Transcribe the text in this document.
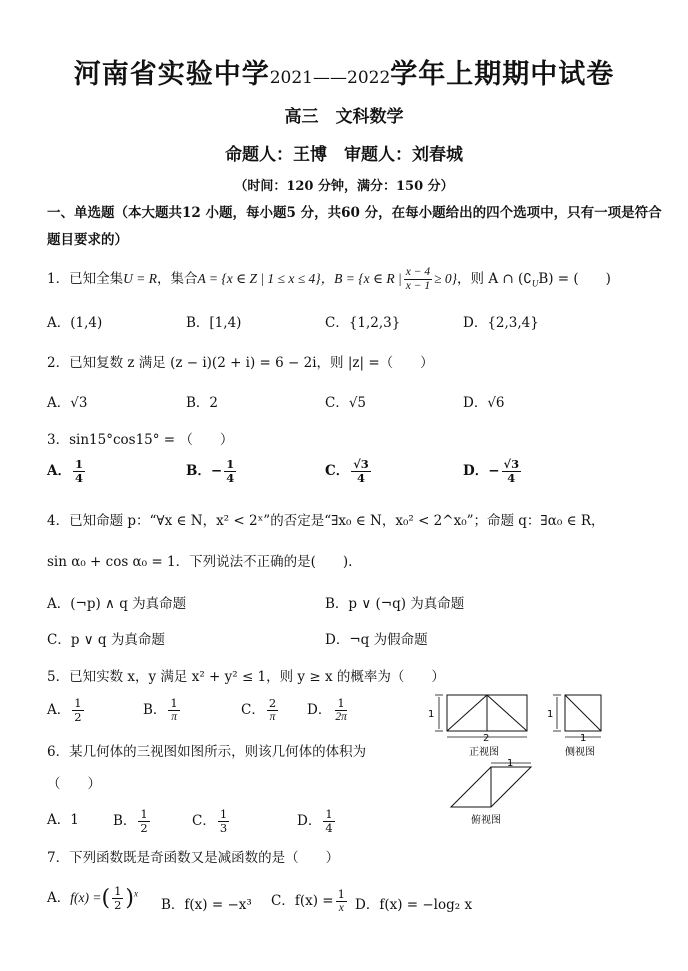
河南省实验中学2021——2022学年上期期中试卷
高三　文科数学
命题人：王博　审题人：刘春城
（时间：120 分钟，满分：150 分）
一、单选题（本大题共12 小题，每小题5 分，共60 分，在每小题给出的四个选项中，只有一项是符合题目要求的）
1．已知全集U = R，集合A = {x ∈ Z | 1 ≤ x ≤ 4}，B = {x ∈ R | $\frac{x - 4}{x - 1} \ge 0$}，则 A ∩ $(∁_UB)$ = (　　)
A．(1,4)	B．[1,4)	C．{1,2,3}	D．{2,3,4}
2．已知复数 z 满足 (z − i)(2 + i) = 6 − 2i，则 |z| =（　　）
A．√3	B．2	C．√5	D．√6
3．sin15°cos15° = （　　）
A． $\frac{1}{4}$	B．− $\frac{1}{4}$	C． $\frac{√3}{4}$	D．− $\frac{√3}{4}$
4．已知命题 p：“∀x ∈ N，x² < 2ˣ”的否定是“∃x₀ ∈ N，x₀² < 2^x₀”；命题 q：∃α₀ ∈ R，
sin α₀ + cos α₀ = 1．下列说法不正确的是(　　).
A．(¬p) ∧ q 为真命题	B．p ∨ (¬q) 为真命题
C．p ∨ q 为真命题	D．¬q 为假命题
5．已知实数 x，y 满足 x² + y² ≤ 1，则 y ≥ x 的概率为（　　）
A． $\frac{1}{2}$	B． $\frac{1}{\pi}$	C． $\frac{2}{\pi}$ D． $\frac{1}{2\pi}$
6．某几何体的三视图如图所示，则该几何体的体积为
（　　）
A．1	B． $\frac{1}{2}$	C． $\frac{1}{3}$	D． $\frac{1}{4}$
1
2
正视图
1
1
侧视图
1
俯视图
7．下列函数既是奇函数又是减函数的是（　　）
A．f(x) =( $\frac{1}{2} )^x$
B．f(x) = −x³ C．$f(x) = \frac{1}{x}$ D．f(x) = −log₂ x
